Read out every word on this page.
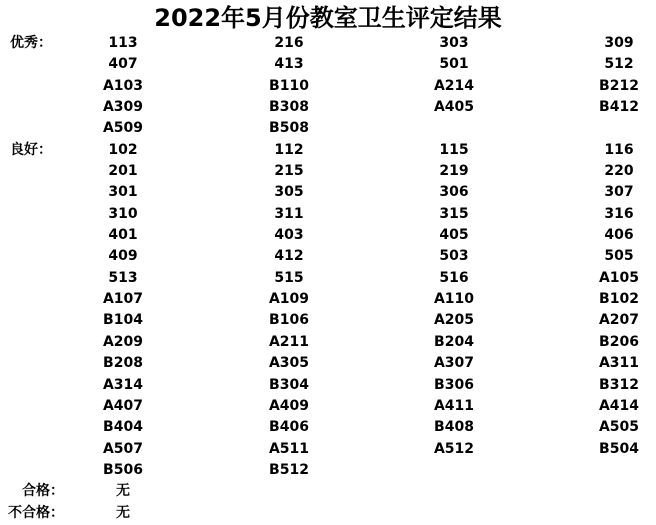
2022年5月份教室卫生评定结果
优秀：	113	216	303	309
407	413	501	512
A103	B110	A214	B212
A309	B308	A405	B412
A509	B508
良好：	102	112	115	116
201	215	219	220
301	305	306	307
310	311	315	316
401	403	405	406
409	412	503	505
513	515	516	A105
A107	A109	A110	B102
B104	B106	A205	A207
A209	A211	B204	B206
B208	A305	A307	A311
A314	B304	B306	B312
A407	A409	A411	A414
B404	B406	B408	A505
A507	A511	A512	B504
B506	B512
合格：	无
不合格：	无
